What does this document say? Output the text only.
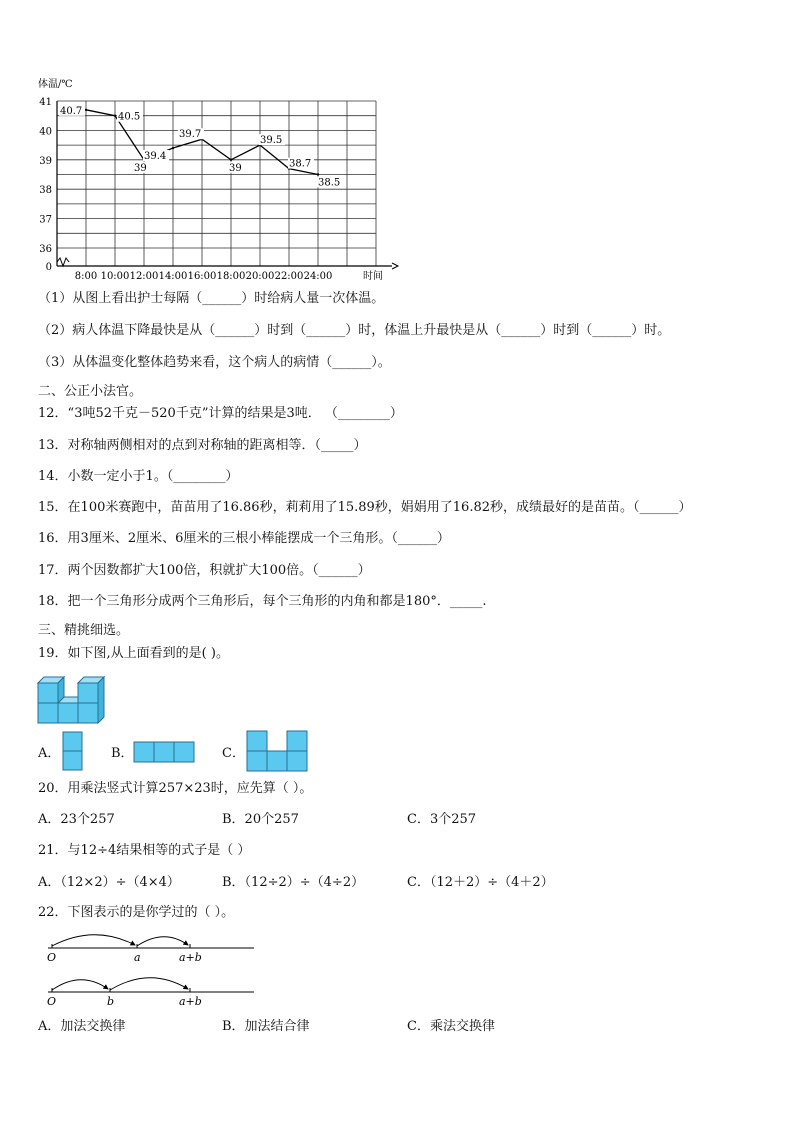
体温/℃
41
40
39
38
37
36
0
8:00 10:00 12:00 14:00 16:00 18:00 20:00 22:00 24:00	时间
40.7
40.5
39
39.4
39.7
39
39.5
38.7
38.5
（1）从图上看出护士每隔（______）时给病人量一次体温。
（2）病人体温下降最快是从（______）时到（______）时，体温上升最快是从（______）时到（______）时。
（3）从体温变化整体趋势来看，这个病人的病情（______）。
二、公正小法官。
12．“3吨52千克－520千克”计算的结果是3吨． （________）
13．对称轴两侧相对的点到对称轴的距离相等．（_____）
14．小数一定小于1。（________）
15．在100米赛跑中，苗苗用了16.86秒，莉莉用了15.89秒，娟娟用了16.82秒，成绩最好的是苗苗。（______）
16．用3厘米、2厘米、6厘米的三根小棒能摆成一个三角形。（______）
17．两个因数都扩大100倍，积就扩大100倍。（______）
18．把一个三角形分成两个三角形后，每个三角形的内角和都是180°．_____.
三、精挑细选。
19．如下图,从上面看到的是( )。
A．	B．	C．
20．用乘法竖式计算257×23时，应先算（ ）。
A．23个257	B．20个257	C．3个257
21．与12÷4结果相等的式子是（ ）
A．（12×2）÷（4×4）	B．（12÷2）÷（4÷2）	C．（12＋2）÷（4＋2）
22．下图表示的是你学过的（ ）。
O	a	a+b
O	b	a+b
A．加法交换律	B．加法结合律	C．乘法交换律
